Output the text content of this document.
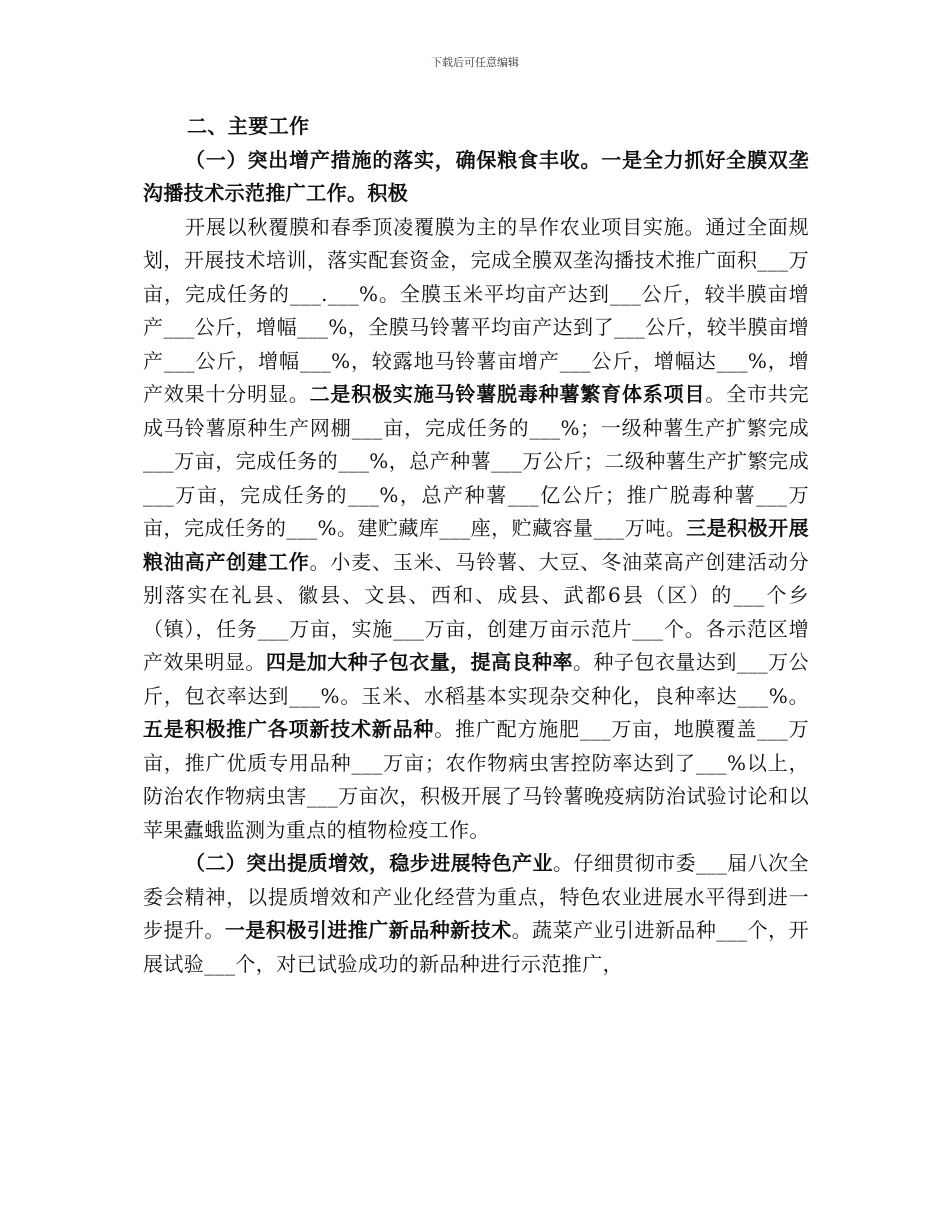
下载后可任意编辑

二、主要工作

（一）突出增产措施的落实，确保粮食丰收。一是全力抓好全膜双垄沟播技术示范推广工作。积极

开展以秋覆膜和春季顶凌覆膜为主的旱作农业项目实施。通过全面规划，开展技术培训，落实配套资金，完成全膜双垄沟播技术推广面积___万亩，完成任务的___.___%。全膜玉米平均亩产达到___公斤，较半膜亩增产___公斤，增幅___%，全膜马铃薯平均亩产达到了___公斤，较半膜亩增产___公斤，增幅___%，较露地马铃薯亩增产___公斤，增幅达___%，增产效果十分明显。二是积极实施马铃薯脱毒种薯繁育体系项目。全市共完成马铃薯原种生产网棚___亩，完成任务的___%；一级种薯生产扩繁完成___万亩，完成任务的___%，总产种薯___万公斤；二级种薯生产扩繁完成___万亩，完成任务的___%，总产种薯___亿公斤；推广脱毒种薯___万亩，完成任务的___%。建贮藏库___座，贮藏容量___万吨。三是积极开展粮油高产创建工作。小麦、玉米、马铃薯、大豆、冬油菜高产创建活动分别落实在礼县、徽县、文县、西和、成县、武都6县（区）的___个乡（镇），任务___万亩，实施___万亩，创建万亩示范片___个。各示范区增产效果明显。四是加大种子包衣量，提高良种率。种子包衣量达到___万公斤，包衣率达到___%。玉米、水稻基本实现杂交种化，良种率达___%。五是积极推广各项新技术新品种。推广配方施肥___万亩，地膜覆盖___万亩，推广优质专用品种___万亩；农作物病虫害控防率达到了___%以上，防治农作物病虫害___万亩次，积极开展了马铃薯晚疫病防治试验讨论和以苹果蠹蛾监测为重点的植物检疫工作。

（二）突出提质增效，稳步进展特色产业。仔细贯彻市委___届八次全委会精神，以提质增效和产业化经营为重点，特色农业进展水平得到进一步提升。一是积极引进推广新品种新技术。蔬菜产业引进新品种___个，开展试验___个，对已试验成功的新品种进行示范推广，
